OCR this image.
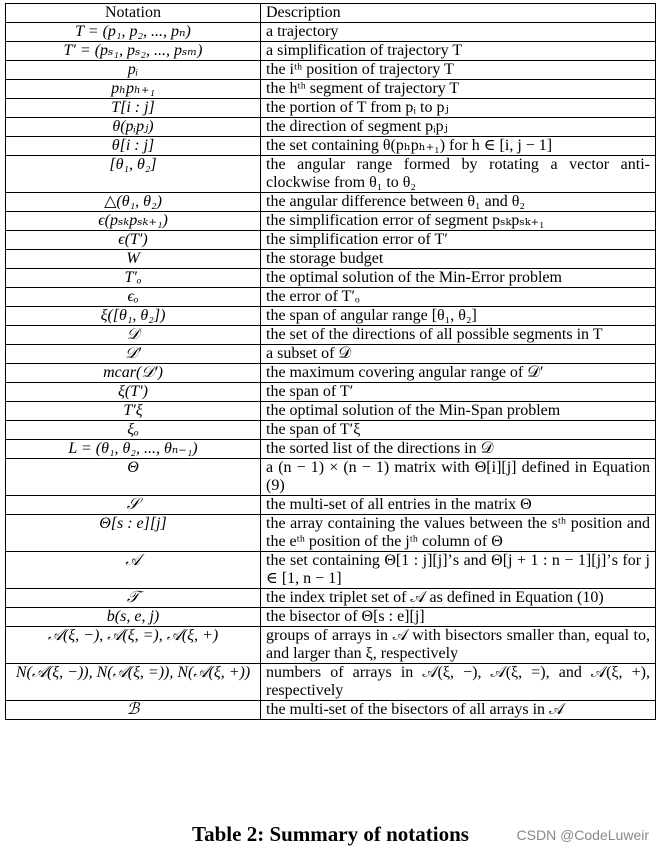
Notation	Description
T = (p₁, p₂, ..., pₙ)	a trajectory
T′ = (pₛ₁, pₛ₂, ..., pₛₘ)	a simplification of trajectory T
pᵢ	the iᵗʰ position of trajectory T
pₕpₕ₊₁	the hᵗʰ segment of trajectory T
T[i : j]	the portion of T from pᵢ to pⱼ
θ(pᵢpⱼ)	the direction of segment pᵢpⱼ
θ[i : j]	the set containing θ(pₕpₕ₊₁) for h ∈ [i, j − 1]
[θ₁, θ₂]	the angular range formed by rotating a vector anti-clockwise from θ₁ to θ₂
△(θ₁, θ₂)	the angular difference between θ₁ and θ₂
ϵ(pₛₖpₛₖ₊₁)	the simplification error of segment pₛₖpₛₖ₊₁
ϵ(T′)	the simplification error of T′
W	the storage budget
T′ₒ	the optimal solution of the Min-Error problem
ϵₒ	the error of T′ₒ
ξ([θ₁, θ₂])	the span of angular range [θ₁, θ₂]
𝒟	the set of the directions of all possible segments in T
𝒟′	a subset of 𝒟
mcar(𝒟′)	the maximum covering angular range of 𝒟′
ξ(T′)	the span of T′
T′ξ	the optimal solution of the Min-Span problem
ξₒ	the span of T′ξ
L = (θ₁, θ₂, ..., θₙ₋₁)	the sorted list of the directions in 𝒟
Θ	a (n − 1) × (n − 1) matrix with Θ[i][j] defined in Equation (9)
𝒮	the multi-set of all entries in the matrix Θ
Θ[s : e][j]	the array containing the values between the sᵗʰ position and the eᵗʰ position of the jᵗʰ column of Θ
𝒜	the set containing Θ[1 : j][j]’s and Θ[j + 1 : n − 1][j]’s for j ∈ [1, n − 1]
𝒯	the index triplet set of 𝒜 as defined in Equation (10)
b(s, e, j)	the bisector of Θ[s : e][j]
𝒜(ξ, −), 𝒜(ξ, =), 𝒜(ξ, +)	groups of arrays in 𝒜 with bisectors smaller than, equal to, and larger than ξ, respectively
N(𝒜(ξ, −)), N(𝒜(ξ, =)), N(𝒜(ξ, +))	numbers of arrays in 𝒜(ξ, −), 𝒜(ξ, =), and 𝒜(ξ, +), respectively
ℬ	the multi-set of the bisectors of all arrays in 𝒜
Table 2: Summary of notations	CSDN @CodeLuweir
